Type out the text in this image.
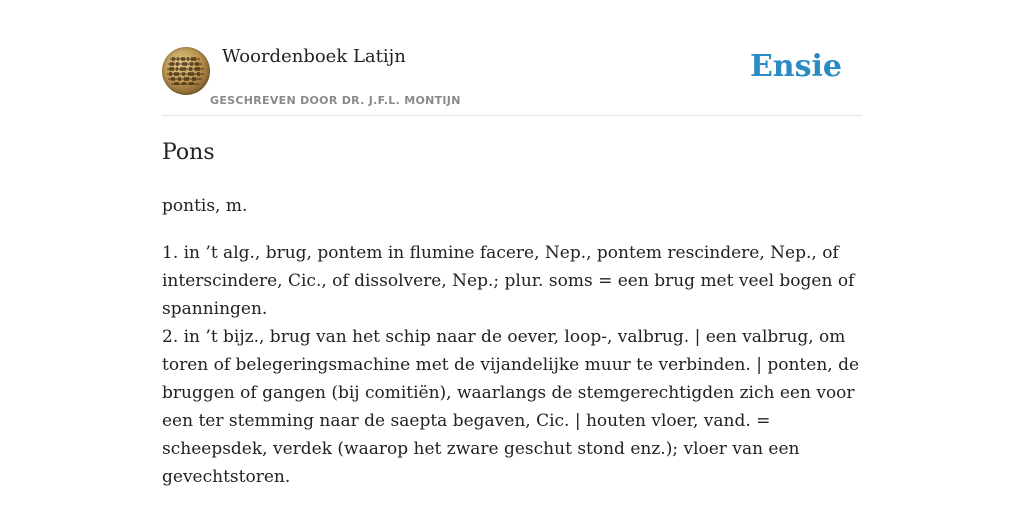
Woordenboek Latijn
GESCHREVEN DOOR DR. J.F.L. MONTIJN
Ensie
Pons
pontis, m.

1. in ’t alg., brug, pontem in flumine facere, Nep., pontem rescindere, Nep., of interscindere, Cic., of dissolvere, Nep.; plur. soms = een brug met veel bogen of spanningen.

2. in ’t bijz., brug van het schip naar de oever, loop-, valbrug. | een valbrug, om toren of belegeringsmachine met de vijandelijke muur te verbinden. | ponten, de bruggen of gangen (bij comitiën), waarlangs de stemgerechtigden zich een voor een ter stemming naar de saepta begaven, Cic. | houten vloer, vand. = scheepsdek, verdek (waarop het zware geschut stond enz.); vloer van een gevechtstoren.
